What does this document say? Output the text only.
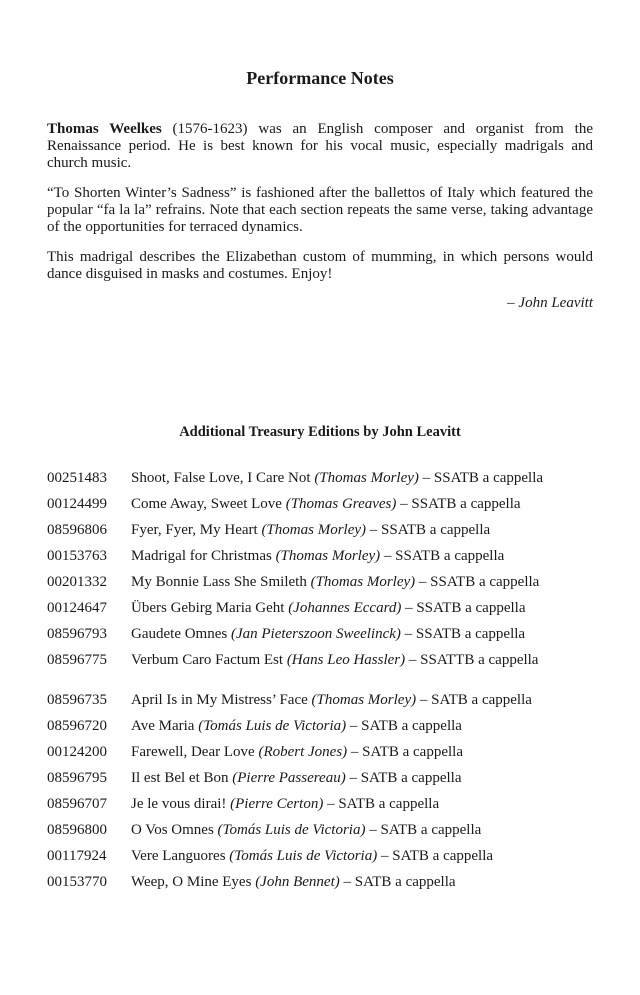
Performance Notes

Thomas Weelkes (1576-1623) was an English composer and organist from the Renaissance period. He is best known for his vocal music, especially madrigals and church music.

“To Shorten Winter’s Sadness” is fashioned after the ballettos of Italy which featured the popular “fa la la” refrains. Note that each section repeats the same verse, taking advantage of the opportunities for terraced dynamics.

This madrigal describes the Elizabethan custom of mumming, in which persons would dance disguised in masks and costumes. Enjoy!

– John Leavitt
Additional Treasury Editions by John Leavitt
00251483	Shoot, False Love, I Care Not (Thomas Morley) – SSATB a cappella
00124499	Come Away, Sweet Love (Thomas Greaves) – SSATB a cappella
08596806	Fyer, Fyer, My Heart (Thomas Morley) – SSATB a cappella
00153763	Madrigal for Christmas (Thomas Morley) – SSATB a cappella
00201332	My Bonnie Lass She Smileth (Thomas Morley) – SSATB a cappella
00124647	Übers Gebirg Maria Geht (Johannes Eccard) – SSATB a cappella
08596793	Gaudete Omnes (Jan Pieterszoon Sweelinck) – SSATB a cappella
08596775	Verbum Caro Factum Est (Hans Leo Hassler) – SSATTB a cappella
08596735	April Is in My Mistress’ Face (Thomas Morley) – SATB a cappella
08596720	Ave Maria (Tomás Luis de Victoria) – SATB a cappella
00124200	Farewell, Dear Love (Robert Jones) – SATB a cappella
08596795	Il est Bel et Bon (Pierre Passereau) – SATB a cappella
08596707	Je le vous dirai! (Pierre Certon) – SATB a cappella
08596800	O Vos Omnes (Tomás Luis de Victoria) – SATB a cappella
00117924	Vere Languores (Tomás Luis de Victoria) – SATB a cappella
00153770	Weep, O Mine Eyes (John Bennet) – SATB a cappella
